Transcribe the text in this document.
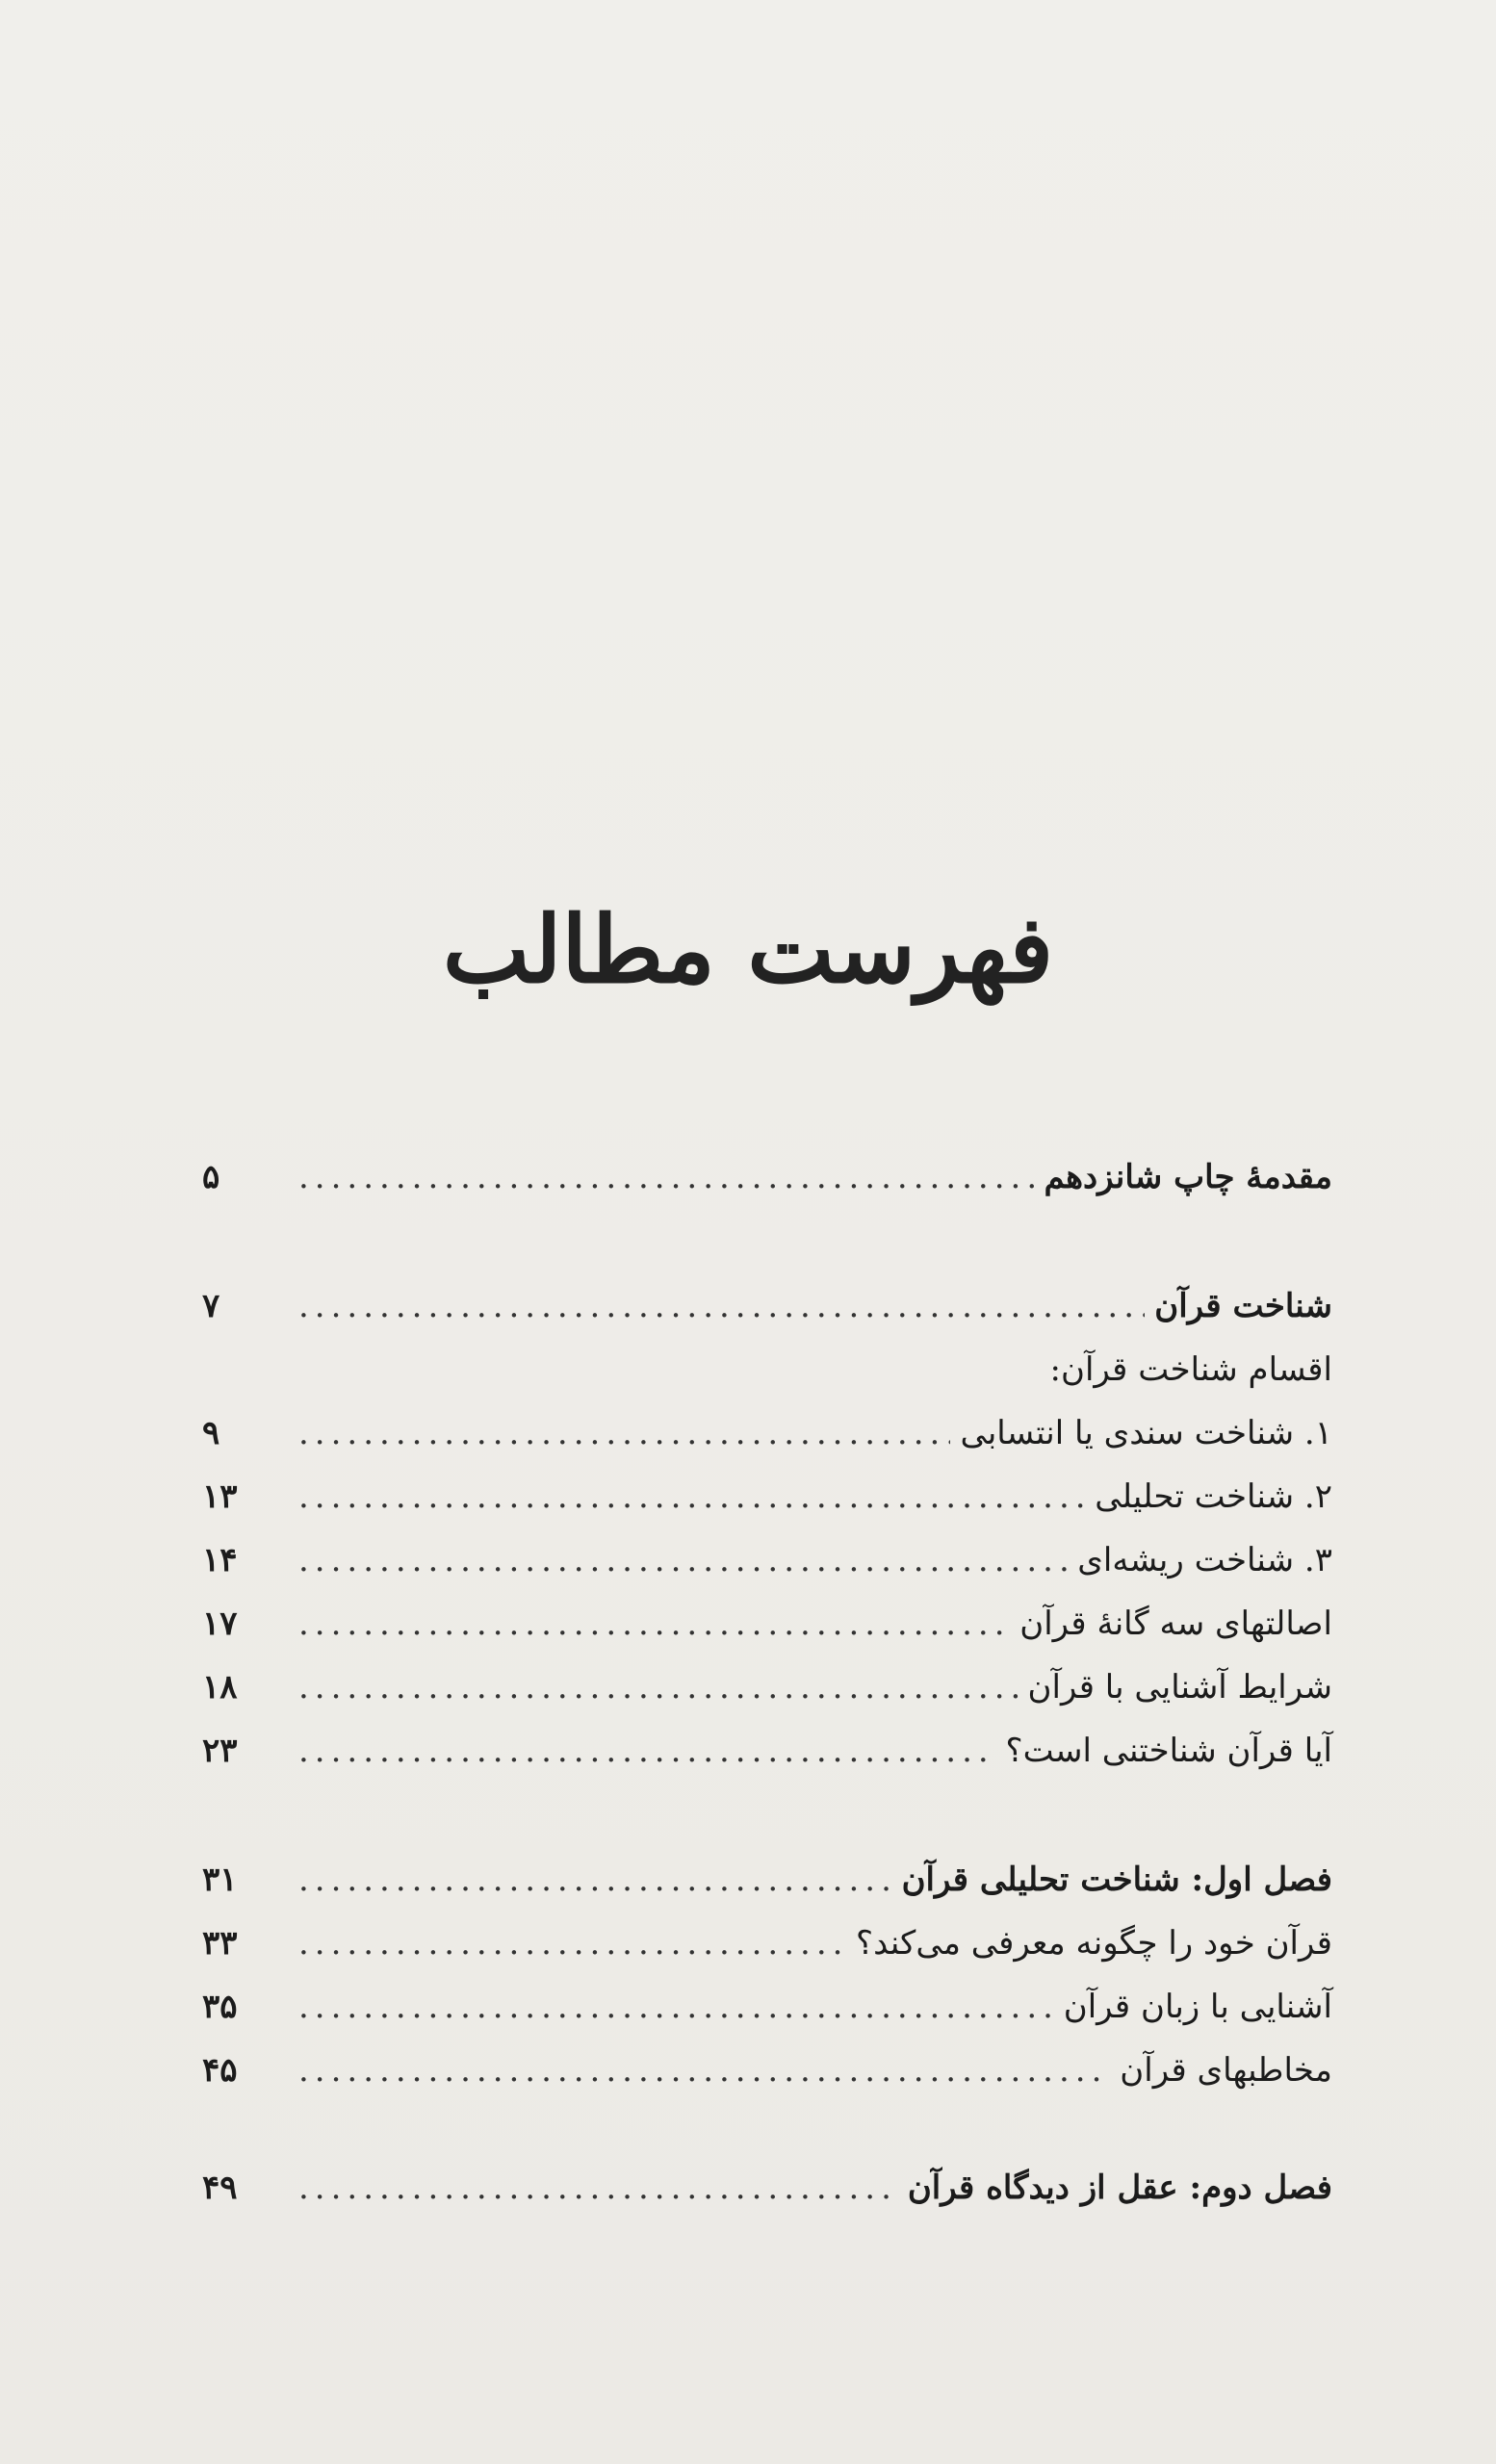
فهرست مطالب
مقدمهٔ چاپ شانزدهم
.....
۵
شناخت قرآن
.....
۷
اقسام شناخت قرآن:
۱. شناخت سندی یا انتسابی
.....
۹
۲. شناخت تحلیلی
.....
۱۳
۳. شناخت ریشه‌ای
.....
۱۴
اصالتهای سه گانهٔ قرآن
.....
۱۷
شرایط آشنایی با قرآن
.....
۱۸
آیا قرآن شناختنی است؟
.....
۲۳
فصل اول: شناخت تحلیلی قرآن
.....
۳۱
قرآن خود را چگونه معرفی می‌کند؟
.....
۳۳
آشنایی با زبان قرآن
.....
۳۵
مخاطبهای قرآن
.....
۴۵
فصل دوم: عقل از دیدگاه قرآن
.....
۴۹
